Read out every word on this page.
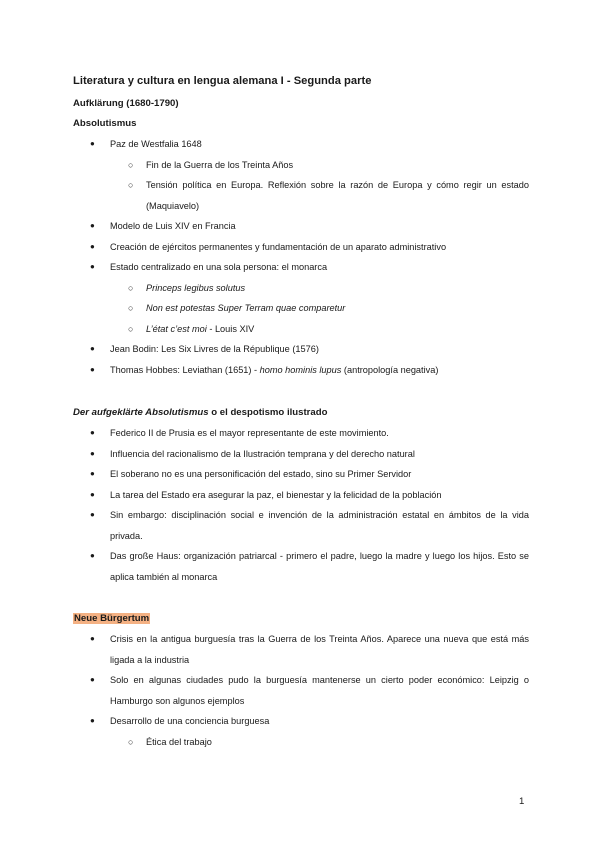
Literatura y cultura en lengua alemana I - Segunda parte
Aufklärung (1680-1790)
Absolutismus
● Paz de Westfalia 1648
○ Fin de la Guerra de los Treinta Años
○ Tensión política en Europa. Reflexión sobre la razón de Europa y cómo regir un estado (Maquiavelo)
● Modelo de Luis XIV en Francia
● Creación de ejércitos permanentes y fundamentación de un aparato administrativo
● Estado centralizado en una sola persona: el monarca
○ Princeps legibus solutus
○ Non est potestas Super Terram quae comparetur
○ L’état c’est moi - Louis XIV
● Jean Bodin: Les Six Livres de la République (1576)
● Thomas Hobbes: Leviathan (1651) - homo hominis lupus (antropología negativa)
Der aufgeklärte Absolutismus o el despotismo ilustrado
● Federico II de Prusia es el mayor representante de este movimiento.
● Influencia del racionalismo de la Ilustración temprana y del derecho natural
● El soberano no es una personificación del estado, sino su Primer Servidor
● La tarea del Estado era asegurar la paz, el bienestar y la felicidad de la población
● Sin embargo: disciplinación social e invención de la administración estatal en ámbitos de la vida privada.
● Das große Haus: organización patriarcal - primero el padre, luego la madre y luego los hijos. Esto se aplica también al monarca
Neue Bürgertum
● Crisis en la antigua burguesía tras la Guerra de los Treinta Años. Aparece una nueva que está más ligada a la industria
● Solo en algunas ciudades pudo la burguesía mantenerse un cierto poder económico: Leipzig o Hamburgo son algunos ejemplos
● Desarrollo de una conciencia burguesa
○ Ética del trabajo
1
